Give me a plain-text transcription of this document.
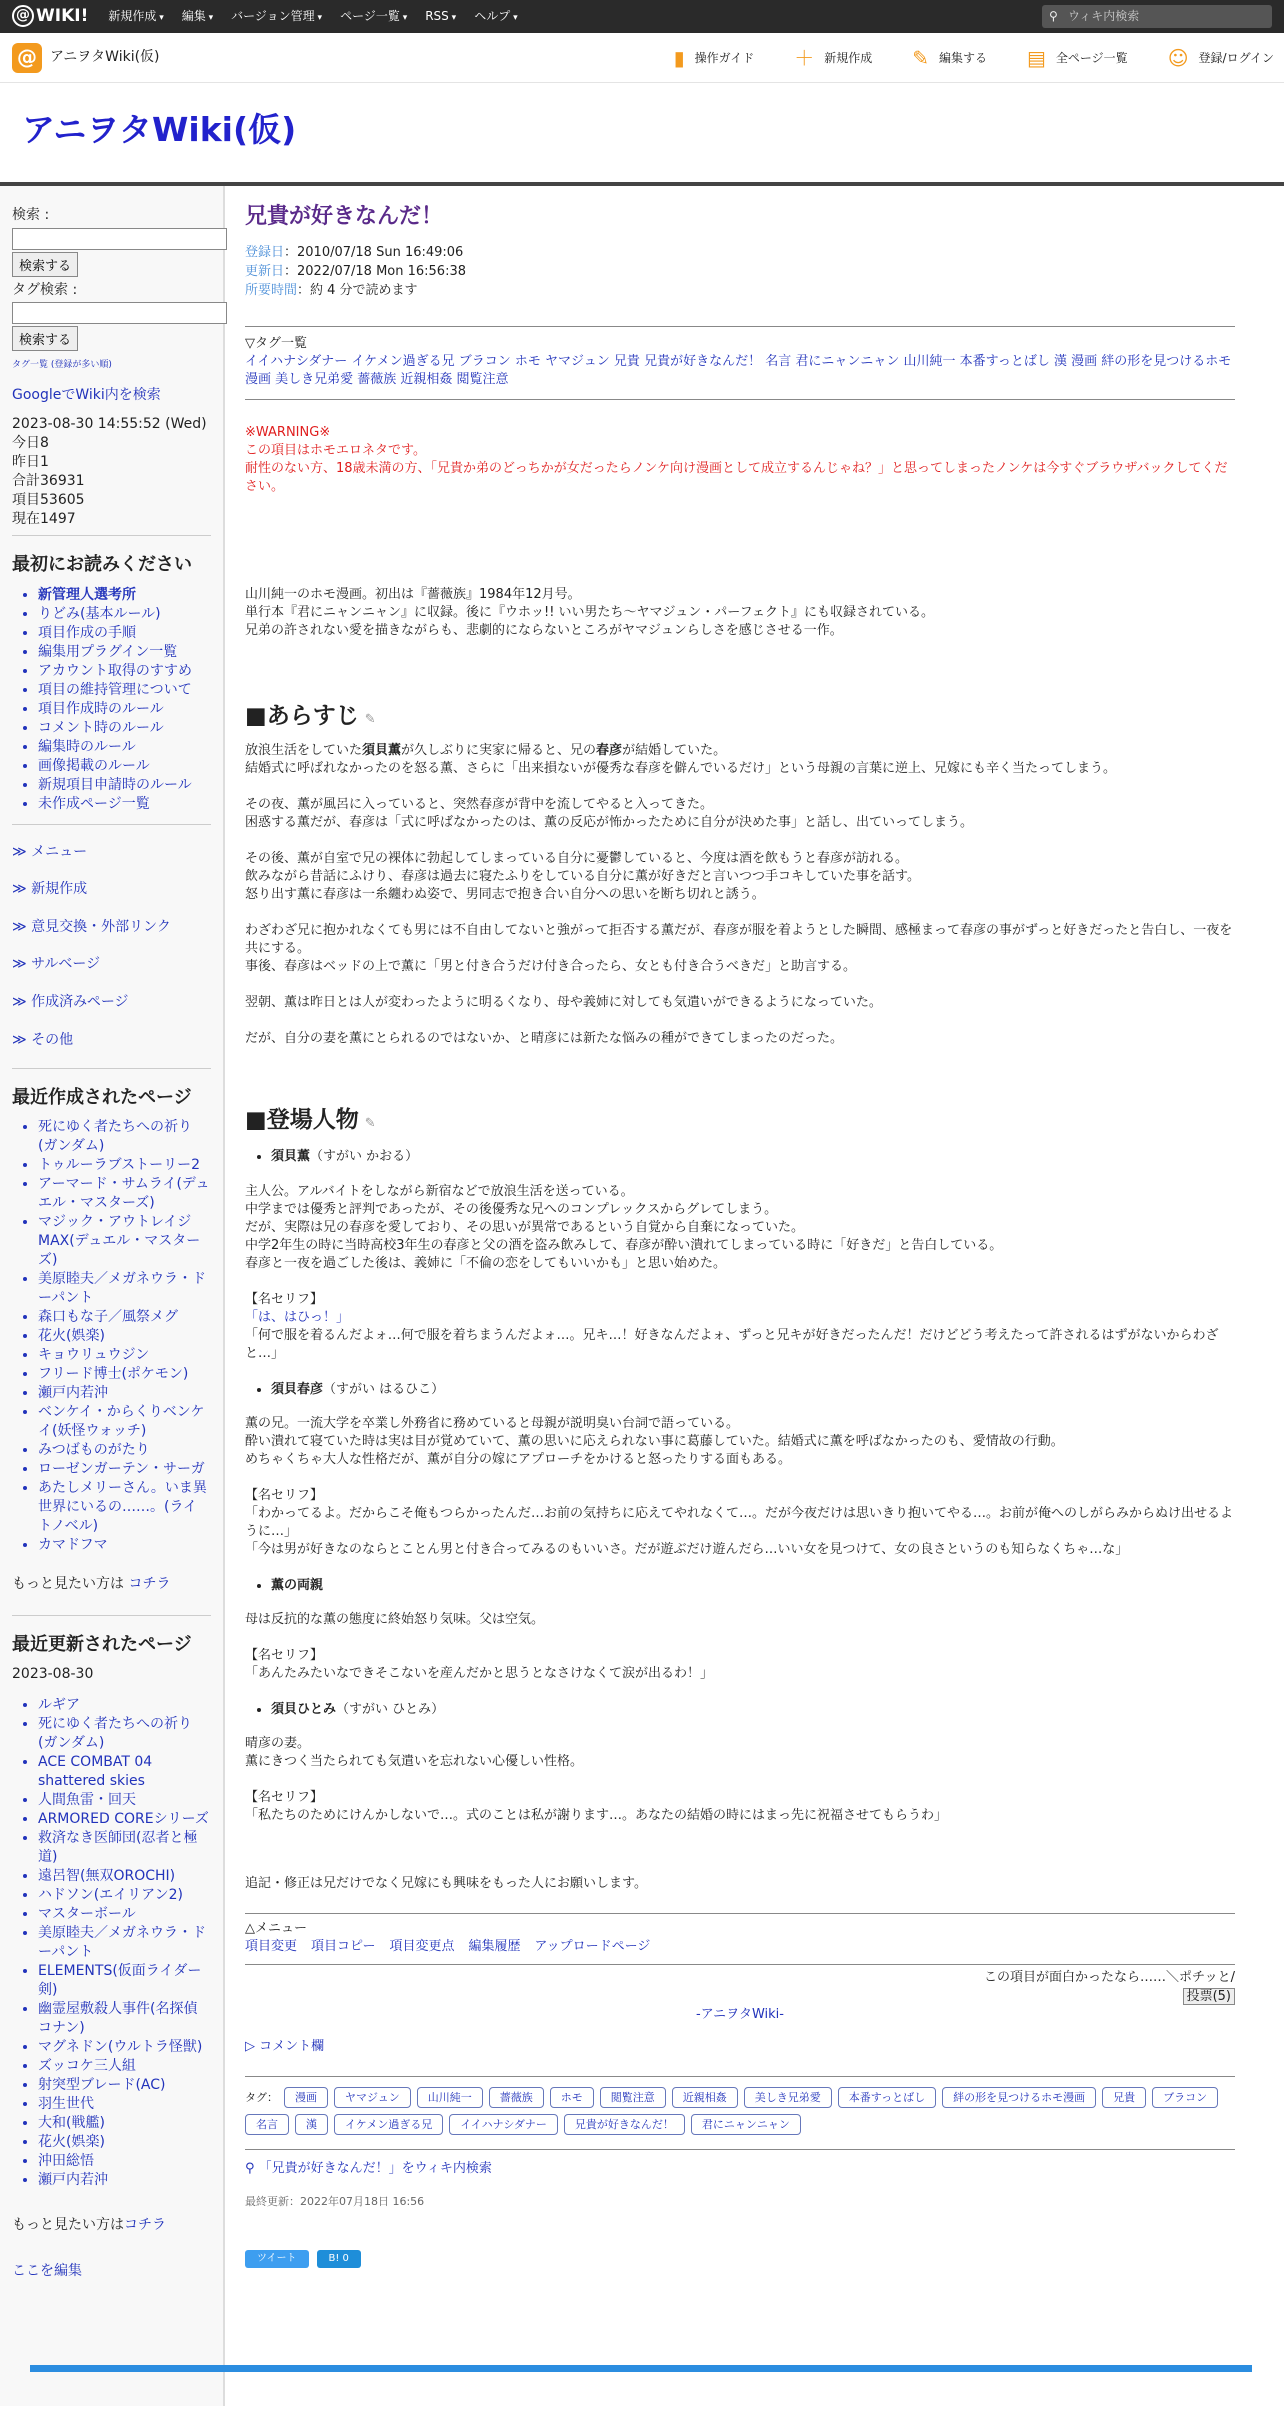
@ WIKI! 新規作成 ▾	編集 ▾	バージョン管理 ▾	ページ一覧 ▾	RSS ▾	ヘルプ ▾	⚲ ウィキ内検索
@ アニヲタWiki(仮)	▮ 操作ガイド ＋ 新規作成 ✎ 編集する ▤ 全ページ一覧 ☺ 登録/ログイン
アニヲタWiki(仮)
検索 :

検索する
タグ検索 :

検索する
タグ一覧 (登録が多い順)
GoogleでWiki内を検索
2023-08-30 14:55:52 (Wed)
今日8
昨日1
合計36931
項目53605
現在1497
最初にお読みください
• 新管理人選考所
• りどみ(基本ルール)
• 項目作成の手順
• 編集用プラグイン一覧
• アカウント取得のすすめ
• 項目の維持管理について
• 項目作成時のルール
• コメント時のルール
• 編集時のルール
• 画像掲載のルール
• 新規項目申請時のルール
• 未作成ページ一覧
≫ メニュー
≫ 新規作成
≫ 意見交換・外部リンク
≫ サルベージ
≫ 作成済みページ
≫ その他
最近作成されたページ
• 死にゆく者たちへの祈り(ガンダム)
• トゥルーラブストーリー2
• アーマード・サムライ(デュエル・マスターズ)
• マジック・アウトレイジMAX(デュエル・マスターズ)
• 美原睦夫／メガネウラ・ドーパント
• 森口もな子／風祭メグ
• 花火(娯楽)
• キョウリュウジン
• フリード博士(ポケモン)
• 瀬戸内若沖
• ベンケイ・からくりベンケイ(妖怪ウォッチ)
• みつばものがたり
• ローゼンガーテン・サーガ
• あたしメリーさん。いま異世界にいるの……。(ライトノベル)
• カマドフマ
もっと見たい方は コチラ
最近更新されたページ
2023-08-30
• ルギア
• 死にゆく者たちへの祈り(ガンダム)
• ACE COMBAT 04 shattered skies
• 人間魚雷・回天
• ARMORED COREシリーズ
• 救済なき医師団(忍者と極道)
• 遠呂智(無双OROCHI)
• ハドソン(エイリアン2)
• マスターボール
• 美原睦夫／メガネウラ・ドーパント
• ELEMENTS(仮面ライダー剣)
• 幽霊屋敷殺人事件(名探偵コナン)
• マグネドン(ウルトラ怪獣)
• ズッコケ三人組
• 射突型ブレード(AC)
• 羽生世代
• 大和(戦艦)
• 花火(娯楽)
• 沖田総悟
• 瀬戸内若沖
もっと見たい方はコチラ
ここを編集
兄貴が好きなんだ！
登録日：2010/07/18 Sun 16:49:06
更新日：2022/07/18 Mon 16:56:38
所要時間：約 4 分で読めます
▽タグ一覧
イイハナシダナー イケメン過ぎる兄 ブラコン ホモ ヤマジュン 兄貴 兄貴が好きなんだ！ 名言 君にニャンニャン 山川純一 本番すっとばし 漢 漫画 絆の形を見つけるホモ漫画 美しき兄弟愛 薔薇族 近親相姦 閲覧注意
※WARNING※
この項目はホモエロネタです。
耐性のない方、18歳未満の方、「兄貴か弟のどっちかが女だったらノンケ向け漫画として成立するんじゃね？」と思ってしまったノンケは今すぐブラウザバックしてください。
山川純一のホモ漫画。初出は『薔薇族』1984年12月号。
単行本『君にニャンニャン』に収録。後に『ウホッ!! いい男たち〜ヤマジュン・パーフェクト』にも収録されている。
兄弟の許されない愛を描きながらも、悲劇的にならないところがヤマジュンらしさを感じさせる一作。
■あらすじ ✎
放浪生活をしていた須貝薫が久しぶりに実家に帰ると、兄の春彦が結婚していた。
結婚式に呼ばれなかったのを怒る薫、さらに「出来損ないが優秀な春彦を僻んでいるだけ」という母親の言葉に逆上、兄嫁にも辛く当たってしまう。
その夜、薫が風呂に入っていると、突然春彦が背中を流してやると入ってきた。
困惑する薫だが、春彦は「式に呼ばなかったのは、薫の反応が怖かったために自分が決めた事」と話し、出ていってしまう。
その後、薫が自室で兄の裸体に勃起してしまっている自分に憂鬱していると、今度は酒を飲もうと春彦が訪れる。
飲みながら昔話にふけり、春彦は過去に寝たふりをしている自分に薫が好きだと言いつつ手コキしていた事を話す。
怒り出す薫に春彦は一糸纏わぬ姿で、男同志で抱き合い自分への思いを断ち切れと誘う。
わざわざ兄に抱かれなくても男には不自由してないと強がって拒否する薫だが、春彦が服を着ようとした瞬間、感極まって春彦の事がずっと好きだったと告白し、一夜を共にする。
事後、春彦はベッドの上で薫に「男と付き合うだけ付き合ったら、女とも付き合うべきだ」と助言する。
翌朝、薫は昨日とは人が変わったように明るくなり、母や義姉に対しても気遣いができるようになっていた。
だが、自分の妻を薫にとられるのではないか、と晴彦には新たな悩みの種ができてしまったのだった。
■登場人物 ✎
• 須貝薫（すがい かおる）
主人公。アルバイトをしながら新宿などで放浪生活を送っている。
中学までは優秀と評判であったが、その後優秀な兄へのコンプレックスからグレてしまう。
だが、実際は兄の春彦を愛しており、その思いが異常であるという自覚から自棄になっていた。
中学2年生の時に当時高校3年生の春彦と父の酒を盗み飲みして、春彦が酔い潰れてしまっている時に「好きだ」と告白している。
春彦と一夜を過ごした後は、義姉に「不倫の恋をしてもいいかも」と思い始めた。
【名セリフ】
「は、はひっ！」
「何で服を着るんだよォ…何で服を着ちまうんだよォ…。兄キ…！好きなんだよォ、ずっと兄キが好きだったんだ！だけどどう考えたって許されるはずがないからわざと…」
• 須貝春彦（すがい はるひこ）
薫の兄。一流大学を卒業し外務省に務めていると母親が説明臭い台詞で語っている。
酔い潰れて寝ていた時は実は目が覚めていて、薫の思いに応えられない事に葛藤していた。結婚式に薫を呼ばなかったのも、愛情故の行動。
めちゃくちゃ大人な性格だが、薫が自分の嫁にアプローチをかけると怒ったりする面もある。
【名セリフ】
「わかってるよ。だからこそ俺もつらかったんだ…お前の気持ちに応えてやれなくて…。だが今夜だけは思いきり抱いてやる…。お前が俺へのしがらみからぬけ出せるように…」
「今は男が好きなのならとことん男と付き合ってみるのもいいさ。だが遊ぶだけ遊んだら…いい女を見つけて、女の良さというのも知らなくちゃ…な」
• 薫の両親
母は反抗的な薫の態度に終始怒り気味。父は空気。
【名セリフ】
「あんたみたいなできそこないを産んだかと思うとなさけなくて涙が出るわ！」
• 須貝ひとみ（すがい ひとみ）
晴彦の妻。
薫にきつく当たられても気遣いを忘れない心優しい性格。
【名セリフ】
「私たちのためにけんかしないで…。式のことは私が謝ります…。あなたの結婚の時にはまっ先に祝福させてもらうわ」
追記・修正は兄だけでなく兄嫁にも興味をもった人にお願いします。
△メニュー
項目変更 項目コピー 項目変更点 編集履歴 アップロードページ
この項目が面白かったなら……＼ポチッと/
投票(5)
-アニヲタWiki-
▷ コメント欄
タグ：	漫画	ヤマジュン	山川純一	薔薇族	ホモ	閲覧注意	近親相姦	美しき兄弟愛	本番すっとばし	絆の形を見つけるホモ漫画	兄貴	ブラコン
名言	漢	イケメン過ぎる兄	イイハナシダナー	兄貴が好きなんだ！	君にニャンニャン
⚲ 「兄貴が好きなんだ！」をウィキ内検索
最終更新：2022年07月18日 16:56
ツイート	B! 0
